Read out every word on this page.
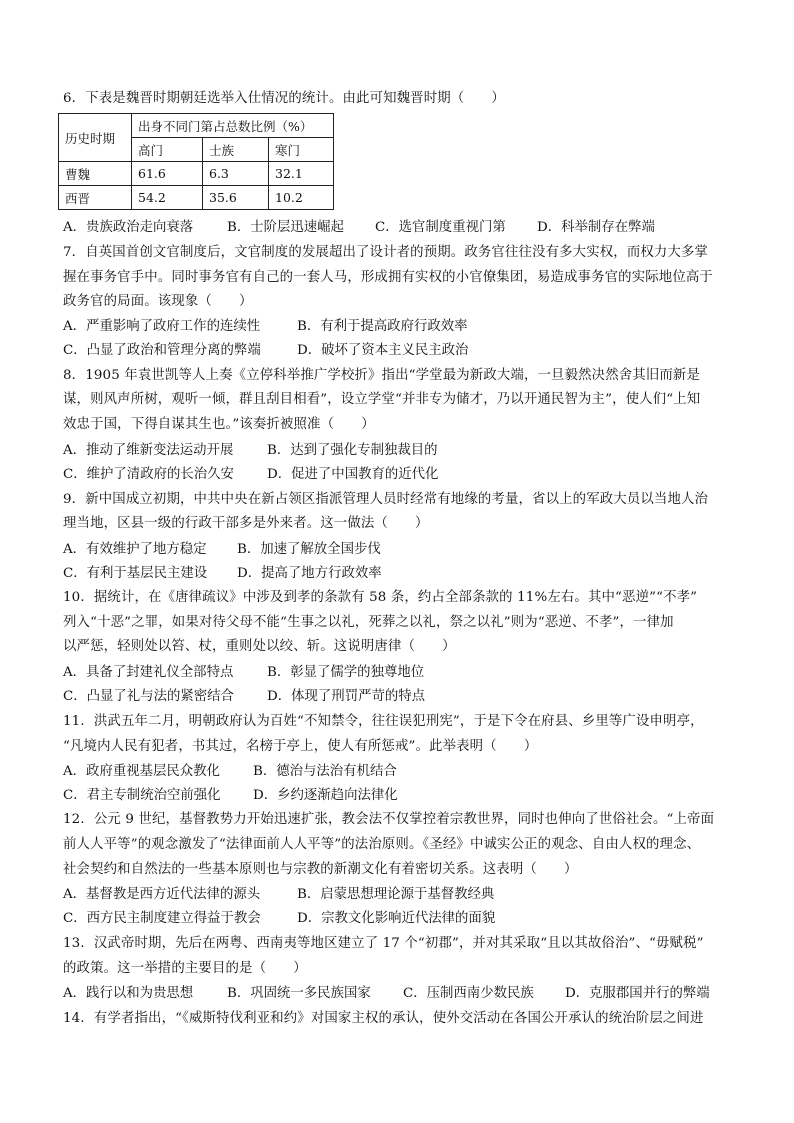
6．下表是魏晋时期朝廷选举入仕情况的统计。由此可知魏晋时期（　　）
历史时期	出身不同门第占总数比例（%）		
	高门	士族	寒门
曹魏	61.6	6.3	32.1
西晋	54.2	35.6	10.2
A．贵族政治走向衰落	B．士阶层迅速崛起 C．选官制度重视门第 D．科举制存在弊端
7．自英国首创文官制度后，文官制度的发展超出了设计者的预期。政务官往往没有多大实权，而权力大多掌
握在事务官手中。同时事务官有自己的一套人马，形成拥有实权的小官僚集团，易造成事务官的实际地位高于
政务官的局面。该现象（　　）
A．严重影响了政府工作的连续性	B．有利于提高政府行政效率
C．凸显了政治和管理分离的弊端	D．破坏了资本主义民主政治
8．1905 年袁世凯等人上奏《立停科举推广学校折》指出“学堂最为新政大端，一旦毅然决然舍其旧而新是
谋，则风声所树，观听一倾，群且刮目相看”，设立学堂“并非专为储才，乃以开通民智为主”，使人们“上知
效忠于国，下得自谋其生也。”该奏折被照准（　　）
A．推动了维新变法运动开展	B．达到了强化专制独裁目的
C．维护了清政府的长治久安 D．促进了中国教育的近代化
9．新中国成立初期，中共中央在新占领区指派管理人员时经常有地缘的考量，省以上的军政大员以当地人治
理当地，区县一级的行政干部多是外来者。这一做法（　　）
A．有效维护了地方稳定 B．加速了解放全国步伐
C．有利于基层民主建设 D．提高了地方行政效率
10．据统计，在《唐律疏议》中涉及到孝的条款有 58 条，约占全部条款的 11%左右。其中“恶逆”“不孝”
列入“十恶”之罪，如果对待父母不能“生事之以礼，死葬之以礼，祭之以礼”则为“恶逆、不孝”，一律加
以严惩，轻则处以笞、杖，重则处以绞、斩。这说明唐律（　　）
A．具备了封建礼仪全部特点	B．彰显了儒学的独尊地位
C．凸显了礼与法的紧密结合 D．体现了刑罚严苛的特点
11．洪武五年二月，明朝政府认为百姓“不知禁令，往往误犯刑宪”，于是下令在府县、乡里等广设申明亭，
“凡境内人民有犯者，书其过，名榜于亭上，使人有所惩戒”。此举表明（　　）
A．政府重视基层民众教化 B．德治与法治有机结合
C．君主专制统治空前强化 D．乡约逐渐趋向法律化
12．公元 9 世纪，基督教势力开始迅速扩张，教会法不仅掌控着宗教世界，同时也伸向了世俗社会。“上帝面
前人人平等”的观念激发了“法律面前人人平等”的法治原则。《圣经》中诚实公正的观念、自由人权的理念、
社会契约和自然法的一些基本原则也与宗教的新潮文化有着密切关系。这表明（　　）
A．基督教是西方近代法律的源头	B．启蒙思想理论源于基督教经典
C．西方民主制度建立得益于教会	D．宗教文化影响近代法律的面貌
13．汉武帝时期，先后在两粤、西南夷等地区建立了 17 个“初郡”，并对其采取“且以其故俗治”、“毋赋税”
的政策。这一举措的主要目的是（　　）
A．践行以和为贵思想	B．巩固统一多民族国家 C．压制西南少数民族 D．克服郡国并行的弊端
14．有学者指出，“《威斯特伐利亚和约》对国家主权的承认，使外交活动在各国公开承认的统治阶层之间进
